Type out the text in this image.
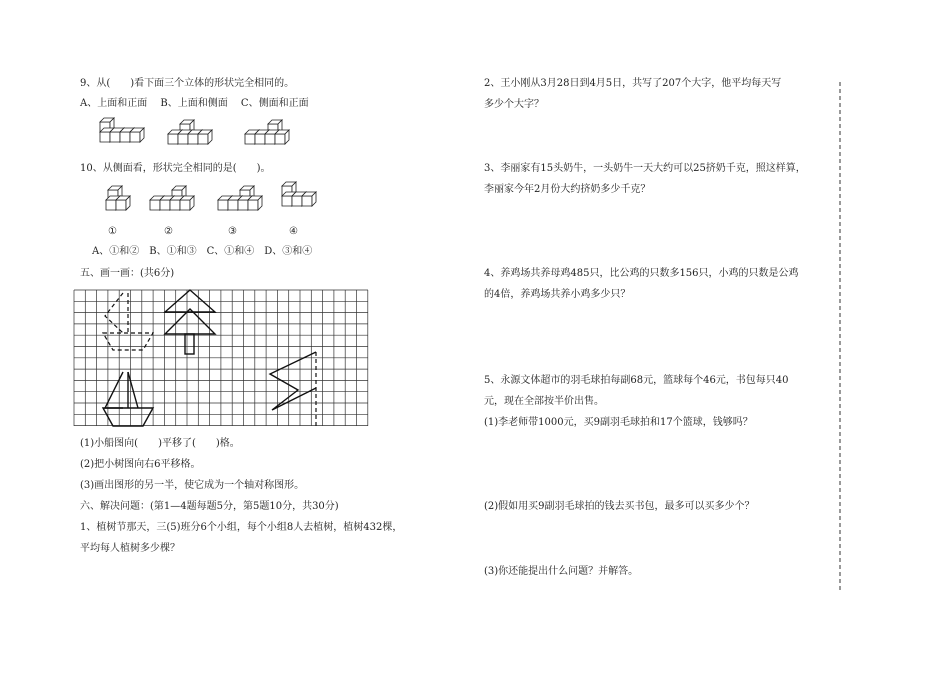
9、从(　　)看下面三个立体的形状完全相同的。
A、上面和正面　 B、上面和侧面　 C、侧面和正面
10、从侧面看，形状完全相同的是(　　)。
①	②	③	④
A、①和②　B、①和③　C、①和④　D、③和④
五、画一画：(共6分)
(1)小船图向(　　)平移了(　　)格。
(2)把小树图向右6平移格。
(3)画出图形的另一半，使它成为一个轴对称图形。
六、解决问题：(第1—4题每题5分，第5题10分，共30分)
1、植树节那天，三(5)班分6个小组，每个小组8人去植树，植树432棵，
平均每人植树多少棵？
2、王小刚从3月28日到4月5日，共写了207个大字，他平均每天写
多少个大字？
3、李丽家有15头奶牛，一头奶牛一天大约可以25挤奶千克，照这样算，
李丽家今年2月份大约挤奶多少千克？
4、养鸡场共养母鸡485只，比公鸡的只数多156只，小鸡的只数是公鸡
的4倍，养鸡场共养小鸡多少只？
5、永源文体超市的羽毛球拍每副68元，篮球每个46元，书包每只40
元，现在全部按半价出售。
(1)李老师带1000元，买9副羽毛球拍和17个篮球，钱够吗？
(2)假如用买9副羽毛球拍的钱去买书包，最多可以买多少个？
(3)你还能提出什么问题？并解答。
